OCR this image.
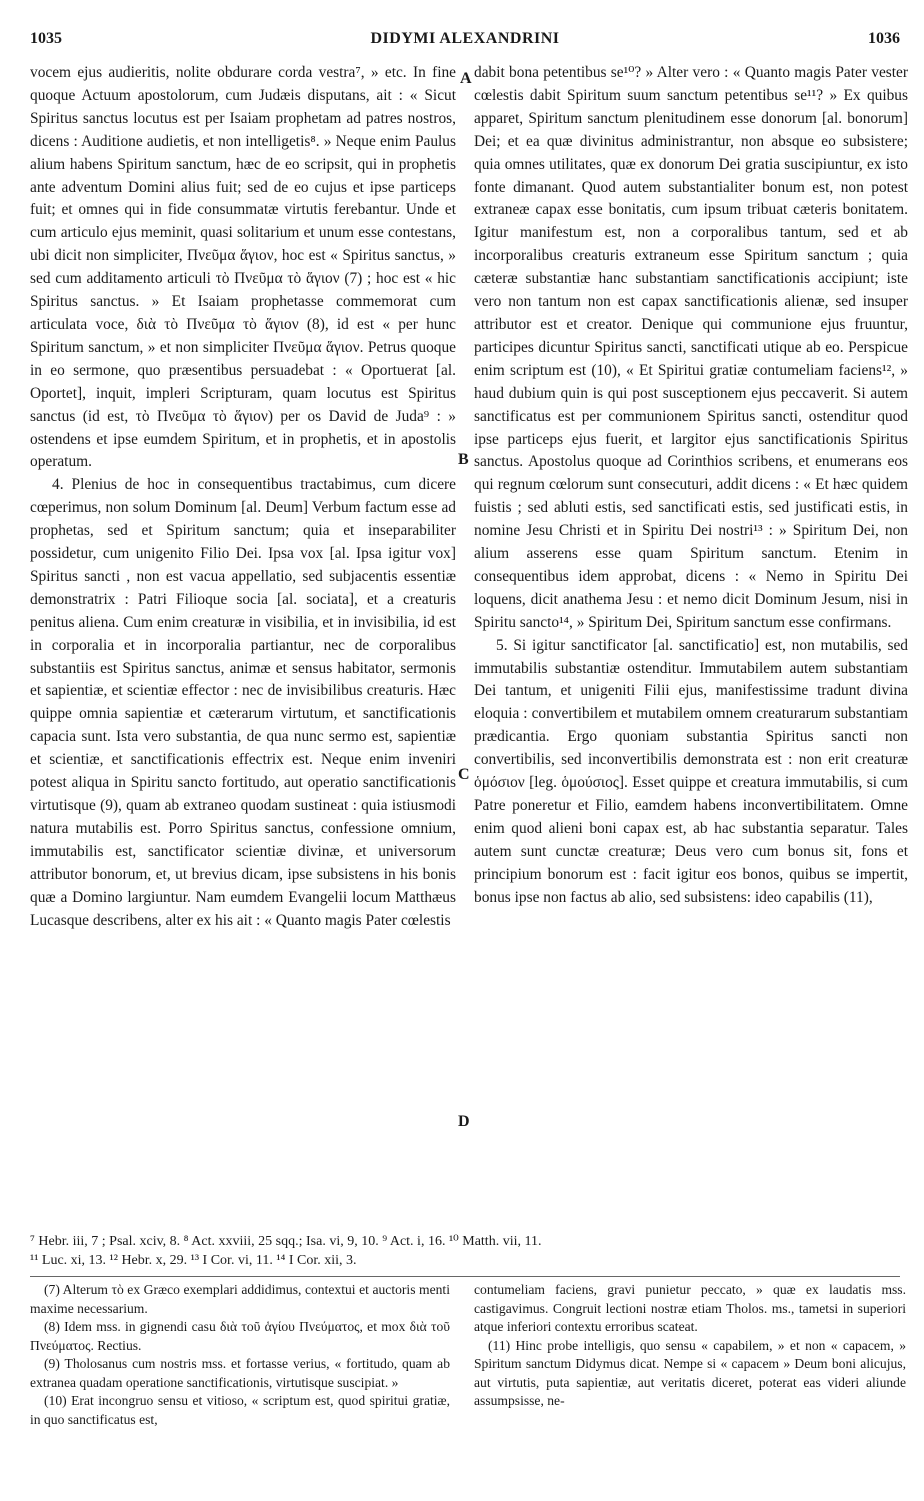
1035	DIDYMI ALEXANDRINI	1036

vocem ejus audieritis, nolite obdurare corda vestra⁷, » etc. In fine quoque Actuum apostolorum, cum Judæis disputans, ait : « Sicut Spiritus sanctus locutus est per Isaiam prophetam ad patres nostros, dicens : Auditione audietis, et non intelligetis⁸. » Neque enim Paulus alium habens Spiritum sanctum, hæc de eo scripsit, qui in prophetis ante adventum Domini alius fuit; sed de eo cujus et ipse particeps fuit; et omnes qui in fide consummatæ virtutis ferebantur. Unde et cum articulo ejus meminit, quasi solitarium et unum esse contestans, ubi dicit non simpliciter, Πνεῦμα ἅγιον, hoc est « Spiritus sanctus, » sed cum additamento articuli τὸ Πνεῦμα τὸ ἅγιον (7) ; hoc est « hic Spiritus sanctus. » Et Isaiam prophetasse commemorat cum articulata voce, διὰ τὸ Πνεῦμα τὸ ἅγιον (8), id est « per hunc Spiritum sanctum, » et non simpliciter Πνεῦμα ἅγιον. Petrus quoque in eo sermone, quo præsentibus persuadebat : « Oportuerat [al. Oportet], inquit, impleri Scripturam, quam locutus est Spiritus sanctus (id est, τὸ Πνεῦμα τὸ ἅγιον) per os David de Juda⁹ : » ostendens et ipse eumdem Spiritum, et in prophetis, et in apostolis operatum.

4. Plenius de hoc in consequentibus tractabimus, cum dicere cœperimus, non solum Dominum [al. Deum] Verbum factum esse ad prophetas, sed et Spiritum sanctum; quia et inseparabiliter possidetur, cum unigenito Filio Dei. Ipsa vox [al. Ipsa igitur vox] Spiritus sancti , non est vacua appellatio, sed subjacentis essentiæ demonstratrix : Patri Filioque socia [al. sociata], et a creaturis penitus aliena. Cum enim creaturæ in visibilia, et in invisibilia, id est in corporalia et in incorporalia partiantur, nec de corporalibus substantiis est Spiritus sanctus, animæ et sensus habitator, sermonis et sapientiæ, et scientiæ effector : nec de invisibilibus creaturis. Hæc quippe omnia sapientiæ et cæterarum virtutum, et sanctificationis capacia sunt. Ista vero substantia, de qua nunc sermo est, sapientiæ et scientiæ, et sanctificationis effectrix est. Neque enim inveniri potest aliqua in Spiritu sancto fortitudo, aut operatio sanctificationis virtutisque (9), quam ab extraneo quodam sustineat : quia istiusmodi natura mutabilis est. Porro Spiritus sanctus, confessione omnium, immutabilis est, sanctificator scientiæ divinæ, et universorum attributor bonorum, et, ut brevius dicam, ipse subsistens in his bonis quæ a Domino largiuntur. Nam eumdem Evangelii locum Matthæus Lucasque describens, alter ex his ait : « Quanto magis Pater cœlestis

A
B
C
D

dabit bona petentibus se¹⁰? » Alter vero : « Quanto magis Pater vester cœlestis dabit Spiritum suum sanctum petentibus se¹¹? » Ex quibus apparet, Spiritum sanctum plenitudinem esse donorum [al. bonorum] Dei; et ea quæ divinitus administrantur, non absque eo subsistere; quia omnes utilitates, quæ ex donorum Dei gratia suscipiuntur, ex isto fonte dimanant. Quod autem substantialiter bonum est, non potest extraneæ capax esse bonitatis, cum ipsum tribuat cæteris bonitatem. Igitur manifestum est, non a corporalibus tantum, sed et ab incorporalibus creaturis extraneum esse Spiritum sanctum ; quia cæteræ substantiæ hanc substantiam sanctificationis accipiunt; iste vero non tantum non est capax sanctificationis alienæ, sed insuper attributor est et creator. Denique qui communione ejus fruuntur, participes dicuntur Spiritus sancti, sanctificati utique ab eo. Perspicue enim scriptum est (10), « Et Spiritui gratiæ contumeliam faciens¹², » haud dubium quin is qui post susceptionem ejus peccaverit. Si autem sanctificatus est per communionem Spiritus sancti, ostenditur quod ipse particeps ejus fuerit, et largitor ejus sanctificationis Spiritus sanctus. Apostolus quoque ad Corinthios scribens, et enumerans eos qui regnum cœlorum sunt consecuturi, addit dicens : « Et hæc quidem fuistis ; sed abluti estis, sed sanctificati estis, sed justificati estis, in nomine Jesu Christi et in Spiritu Dei nostri¹³ : » Spiritum Dei, non alium asserens esse quam Spiritum sanctum. Etenim in consequentibus idem approbat, dicens : « Nemo in Spiritu Dei loquens, dicit anathema Jesu : et nemo dicit Dominum Jesum, nisi in Spiritu sancto¹⁴, » Spiritum Dei, Spiritum sanctum esse confirmans.

5. Si igitur sanctificator [al. sanctificatio] est, non mutabilis, sed immutabilis substantiæ ostenditur. Immutabilem autem substantiam Dei tantum, et unigeniti Filii ejus, manifestissime tradunt divina eloquia : convertibilem et mutabilem omnem creaturarum substantiam prædicantia. Ergo quoniam substantia Spiritus sancti non convertibilis, sed inconvertibilis demonstrata est : non erit creaturæ ὁμόσιον [leg. ὁμούσιος]. Esset quippe et creatura immutabilis, si cum Patre poneretur et Filio, eamdem habens inconvertibilitatem. Omne enim quod alieni boni capax est, ab hac substantia separatur. Tales autem sunt cunctæ creaturæ; Deus vero cum bonus sit, fons et principium bonorum est : facit igitur eos bonos, quibus se impertit, bonus ipse non factus ab alio, sed subsistens: ideo capabilis (11),

⁷ Hebr. iii, 7 ; Psal. xciv, 8. ⁸ Act. xxviii, 25 sqq.; Isa. vi, 9, 10. ⁹ Act. i, 16. ¹⁰ Matth. vii, 11.

¹¹ Luc. xi, 13. ¹² Hebr. x, 29. ¹³ I Cor. vi, 11. ¹⁴ I Cor. xii, 3.

(7) Alterum τὸ ex Græco exemplari addidimus, contextui et auctoris menti maxime necessarium.

(8) Idem mss. in gignendi casu διὰ τοῦ ἁγίου Πνεύματος, et mox διὰ τοῦ Πνεύματος. Rectius.

(9) Tholosanus cum nostris mss. et fortasse verius, « fortitudo, quam ab extranea quadam operatione sanctificationis, virtutisque suscipiat. »

(10) Erat incongruo sensu et vitioso, « scriptum est, quod spiritui gratiæ, in quo sanctificatus est,

contumeliam faciens, gravi punietur peccato, » quæ ex laudatis mss. castigavimus. Congruit lectioni nostræ etiam Tholos. ms., tametsi in superiori atque inferiori contextu erroribus scateat.

(11) Hinc probe intelligis, quo sensu « capabilem, » et non « capacem, » Spiritum sanctum Didymus dicat. Nempe si « capacem » Deum boni alicujus, aut virtutis, puta sapientiæ, aut veritatis diceret, poterat eas videri aliunde assumpsisse, ne-
